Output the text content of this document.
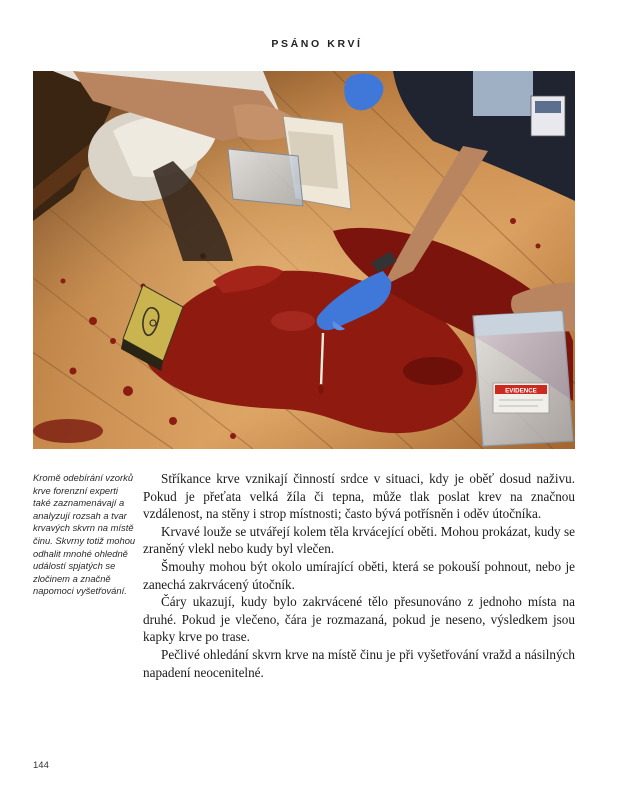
PSÁNO KRVÍ
EVIDENCE
Kromě odebírání vzorků krve forenzní experti také zaznamenávají a analyzují rozsah a tvar krvavých skvrn na místě činu. Skvrny totiž mohou odhalit mnohé ohledně událostí spjatých se zločinem a značně napomoci vyšetřování.

Stříkance krve vznikají činností srdce v situaci, kdy je oběť dosud naživu. Pokud je přeťata velká žíla či tepna, může tlak poslat krev na značnou vzdálenost, na stěny i strop místnosti; často bývá potřísněn i oděv útočníka.

Krvavé louže se utvářejí kolem těla krvácející oběti. Mohou prokázat, kudy se zraněný vlekl nebo kudy byl vlečen.

Šmouhy mohou být okolo umírající oběti, která se pokouší pohnout, nebo je zanechá zakrvácený útočník.

Čáry ukazují, kudy bylo zakrvácené tělo přesunováno z jednoho místa na druhé. Pokud je vlečeno, čára je rozmazaná, pokud je neseno, výsledkem jsou kapky krve po trase.

Pečlivé ohledání skvrn krve na místě činu je při vyšetřování vražd a násilných napadení neocenitelné.

144
